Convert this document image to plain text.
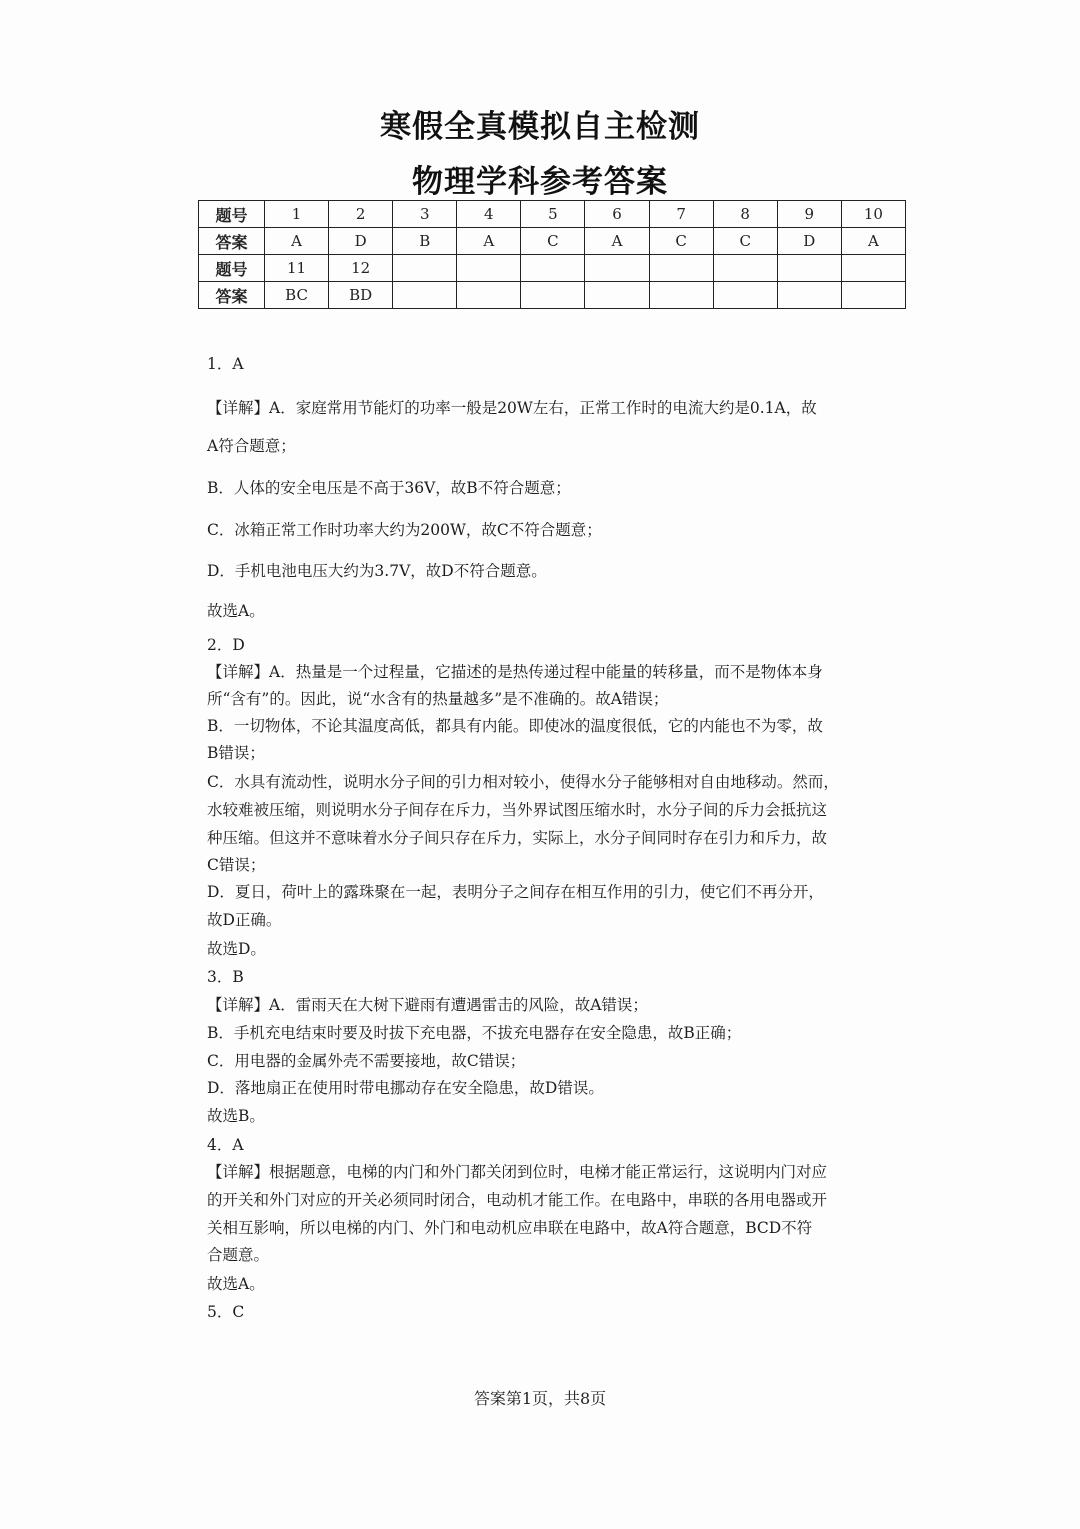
寒假全真模拟自主检测
物理学科参考答案
题号	1	2	3	4	5	6	7	8	9	10
答案	A	D	B	A	C	A	C	C	D	A
题号	11	12								
答案	BC	BD								
1．A
【详解】A．家庭常用节能灯的功率一般是20W左右，正常工作时的电流大约是0.1A，故
A符合题意；
B．人体的安全电压是不高于36V，故B不符合题意；
C．冰箱正常工作时功率大约为200W，故C不符合题意；
D．手机电池电压大约为3.7V，故D不符合题意。
故选A。
2．D
【详解】A．热量是一个过程量，它描述的是热传递过程中能量的转移量，而不是物体本身
所“含有”的。因此，说“水含有的热量越多”是不准确的。故A错误；
B．一切物体，不论其温度高低，都具有内能。即使冰的温度很低，它的内能也不为零，故
B错误；
C．水具有流动性，说明水分子间的引力相对较小，使得水分子能够相对自由地移动。然而，
水较难被压缩，则说明水分子间存在斥力，当外界试图压缩水时，水分子间的斥力会抵抗这
种压缩。但这并不意味着水分子间只存在斥力，实际上，水分子间同时存在引力和斥力，故
C错误；
D．夏日，荷叶上的露珠聚在一起，表明分子之间存在相互作用的引力，使它们不再分开，
故D正确。
故选D。
3．B
【详解】A．雷雨天在大树下避雨有遭遇雷击的风险，故A错误；
B．手机充电结束时要及时拔下充电器，不拔充电器存在安全隐患，故B正确；
C．用电器的金属外壳不需要接地，故C错误；
D．落地扇正在使用时带电挪动存在安全隐患，故D错误。
故选B。
4．A
【详解】根据题意，电梯的内门和外门都关闭到位时，电梯才能正常运行，这说明内门对应
的开关和外门对应的开关必须同时闭合，电动机才能工作。在电路中，串联的各用电器或开
关相互影响，所以电梯的内门、外门和电动机应串联在电路中，故A符合题意，BCD不符
合题意。
故选A。
5．C
答案第1页，共8页
